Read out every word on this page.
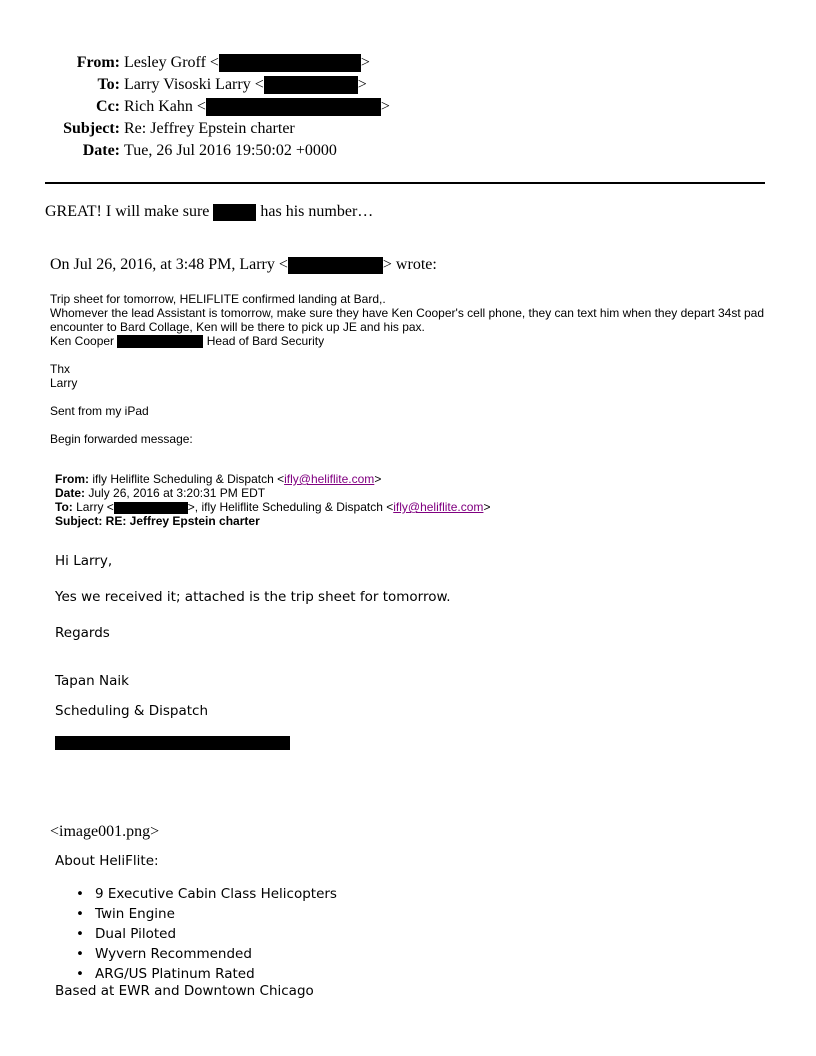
From: Lesley Groff <	>
To: Larry Visoski Larry <	>
Cc: Rich Kahn <	>
Subject: Re: Jeffrey Epstein charter
Date: Tue, 26 Jul 2016 19:50:02 +0000
GREAT! I will make sure	has his number…
On Jul 26, 2016, at 3:48 PM, Larry <	> wrote:

Trip sheet for tomorrow, HELIFLITE confirmed landing at Bard,.

Whomever the lead Assistant is tomorrow, make sure they have Ken Cooper's cell phone, they can text him when they depart 34st pad encounter to Bard Collage, Ken will be there to pick up JE and his pax.

Ken Cooper	Head of Bard Security

Thx

Larry

Sent from my iPad

Begin forwarded message:

From: ifly Heliflite Scheduling & Dispatch <ifly@heliflite.com>
Date: July 26, 2016 at 3:20:31 PM EDT
To: Larry <	>, ifly Heliflite Scheduling & Dispatch <ifly@heliflite.com>
Subject: RE: Jeffrey Epstein charter
Hi Larry,
Yes we received it; attached is the trip sheet for tomorrow.
Regards
Tapan Naik
Scheduling & Dispatch
<image001.png>
About HeliFlite:
• 9 Executive Cabin Class Helicopters
• Twin Engine
• Dual Piloted
• Wyvern Recommended
• ARG/US Platinum Rated
Based at EWR and Downtown Chicago
